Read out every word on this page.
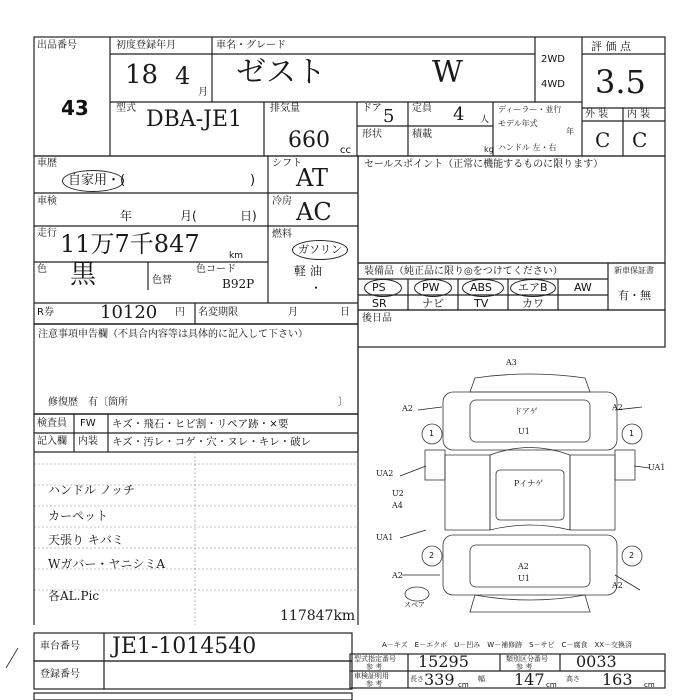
出品番号
43
初度登録年月
18 4
月
車名・グレード
ゼスト	W	2WD
4WD
評 価 点
3.5
型式 DBA-JE1	排気量
660 cc
ドア 5 定員 4 人
形状	積載
kg
ディーラー・並行
モデル年式
年
ハンドル 左・右
外 装 内 装
C C
車歴
自家用・(	)
車検
年	月(	日)
走行 11万7千847	km
色 黒	色替
色コード
B92P
シフト
AT
冷房 AC
燃料
ガソリン
軽 油
・
R券	10120 円 名変期限	月	日
セールスポイント（正常に機能するものに限ります）
装備品（純正品に限り◎をつけてください）	新車保証書
有・無
PS	PW	ABS エアB AW
SR	ナビ	TV	カワ
後日品
注意事項申告欄（不具合内容等は具体的に記入して下さい）
修復歴　有〔箇所	〕
検査員
記入欄
FW
内装
キズ・飛石・ヒビ割・リペア跡・×要
キズ・汚レ・コゲ・穴・ヌレ・キレ・破レ
ハンドル ノッチ
カーペット
天張り キバミ
Wガバー・ヤニシミA
各AL.Pic
117847km
A3
A2	ドアゲ
U1
A2
UA1
UA2
Pイナゲ
U2
A4
UA1
A2
U1
A2
A2
スペア
1	1
2	2
車台番号 JE1-1014540
登録番号
A－キズ　E－エクボ　U－凹み　W－補修跡　S－サビ　C－腐食　XX－交換済
型式指定番号
参 考 15295	類別区分番号
参 考	0033
車検証明用
参 考
長さ 339 cm
幅 147 cm
高さ 163 cm
